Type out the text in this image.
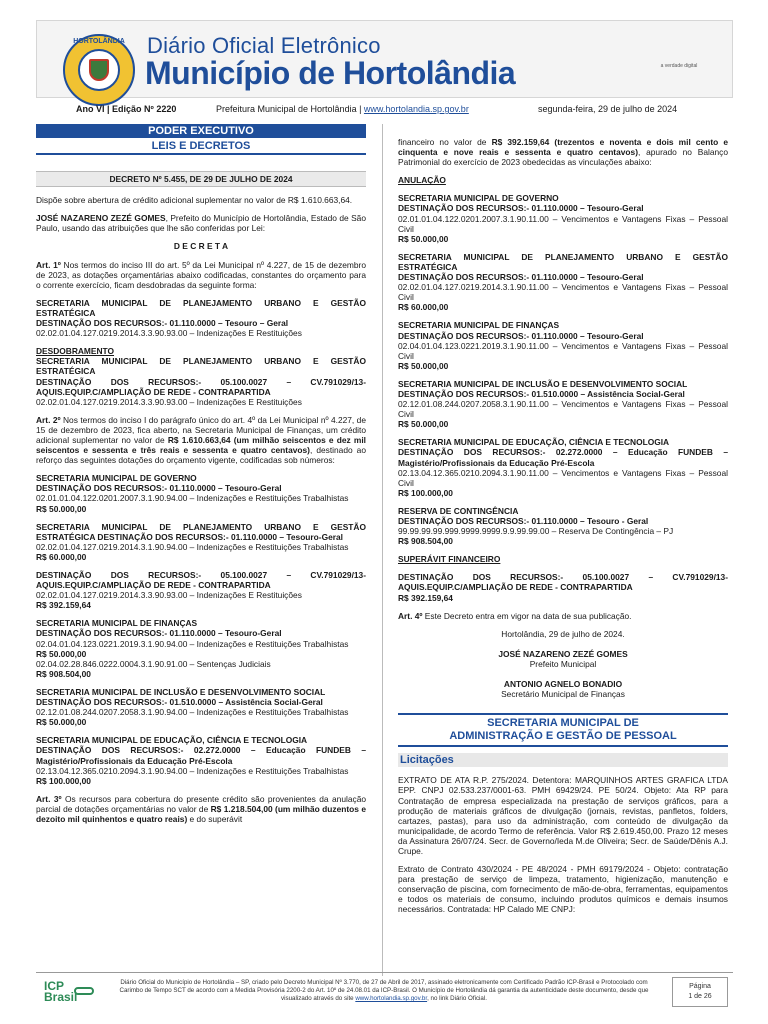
HORTOLÂNDIA	Diário Oficial Eletrônico
Município de Hortolândia	a verdade digital
Ano VI | Edição Nº 2220	Prefeitura Municipal de Hortolândia | www.hortolandia.sp.gov.br	segunda-feira, 29 de julho de 2024
PODER EXECUTIVO
LEIS E DECRETOS
DECRETO Nº 5.455, DE 29 DE JULHO DE 2024

Dispõe sobre abertura de crédito adicional suplementar no valor de R$ 1.610.663,64.

JOSÉ NAZARENO ZEZÉ GOMES, Prefeito do Município de Hortolândia, Estado de São Paulo, usando das atribuições que lhe são conferidas por Lei:

D E C R E T A

Art. 1º Nos termos do inciso III do art. 5º da Lei Municipal nº 4.227, de 15 de dezembro de 2023, as dotações orçamentárias abaixo codificadas, constantes do orçamento para o corrente exercício, ficam desdobradas da seguinte forma:

SECRETARIA MUNICIPAL DE PLANEJAMENTO URBANO E GESTÃO ESTRATÉGICA
DESTINAÇÃO DOS RECURSOS:- 01.110.0000 – Tesouro – Geral
02.02.01.04.127.0219.2014.3.3.90.93.00 – Indenizações E Restituições
DESDOBRAMENTO
SECRETARIA MUNICIPAL DE PLANEJAMENTO URBANO E GESTÃO ESTRATÉGICA
DESTINAÇÃO DOS RECURSOS:- 05.100.0027 – CV.791029/13-AQUIS.EQUIP.C/AMPLIAÇÃO DE REDE - CONTRAPARTIDA
02.02.01.04.127.0219.2014.3.3.90.93.00 – Indenizações E Restituições

Art. 2º Nos termos do inciso I do parágrafo único do art. 4º da Lei Municipal nº 4.227, de 15 de dezembro de 2023, fica aberto, na Secretaria Municipal de Finanças, um crédito adicional suplementar no valor de R$ 1.610.663,64 (um milhão seiscentos e dez mil seiscentos e sessenta e três reais e sessenta e quatro centavos), destinado ao reforço das seguintes dotações do orçamento vigente, codificadas sob números:

SECRETARIA MUNICIPAL DE GOVERNO
DESTINAÇÃO DOS RECURSOS:- 01.110.0000 – Tesouro-Geral
02.01.01.04.122.0201.2007.3.1.90.94.00 – Indenizações e Restituições Trabalhistas
R$ 50.000,00
SECRETARIA MUNICIPAL DE PLANEJAMENTO URBANO E GESTÃO ESTRATÉGICA DESTINAÇÃO DOS RECURSOS:- 01.110.0000 – Tesouro-Geral
02.02.01.04.127.0219.2014.3.1.90.94.00 – Indenizações e Restituições Trabalhistas
R$ 60.000,00
DESTINAÇÃO DOS RECURSOS:- 05.100.0027 – CV.791029/13-AQUIS.EQUIP.C/AMPLIAÇÃO DE REDE - CONTRAPARTIDA
02.02.01.04.127.0219.2014.3.3.90.93.00 – Indenizações E Restituições
R$ 392.159,64
SECRETARIA MUNICIPAL DE FINANÇAS
DESTINAÇÃO DOS RECURSOS:- 01.110.0000 – Tesouro-Geral
02.04.01.04.123.0221.2019.3.1.90.94.00 – Indenizações e Restituições Trabalhistas
R$ 50.000,00
02.04.02.28.846.0222.0004.3.1.90.91.00 – Sentenças Judiciais
R$ 908.504,00
SECRETARIA MUNICIPAL DE INCLUSÃO E DESENVOLVIMENTO SOCIAL
DESTINAÇÃO DOS RECURSOS:- 01.510.0000 – Assistência Social-Geral
02.12.01.08.244.0207.2058.3.1.90.94.00 – Indenizações e Restituições Trabalhistas
R$ 50.000,00
SECRETARIA MUNICIPAL DE EDUCAÇÃO, CIÊNCIA E TECNOLOGIA
DESTINAÇÃO DOS RECURSOS:- 02.272.0000 – Educação FUNDEB – Magistério/Profissionais da Educação Pré-Escola
02.13.04.12.365.0210.2094.3.1.90.94.00 – Indenizações e Restituições Trabalhistas
R$ 100.000,00

Art. 3º Os recursos para cobertura do presente crédito são provenientes da anulação parcial de dotações orçamentárias no valor de R$ 1.218.504,00 (um milhão duzentos e dezoito mil quinhentos e quatro reais) e do superávit

financeiro no valor de R$ 392.159,64 (trezentos e noventa e dois mil cento e cinquenta e nove reais e sessenta e quatro centavos), apurado no Balanço Patrimonial do exercício de 2023 obedecidas as vinculações abaixo:

ANULAÇÃO
SECRETARIA MUNICIPAL DE GOVERNO
DESTINAÇÃO DOS RECURSOS:- 01.110.0000 – Tesouro-Geral
02.01.01.04.122.0201.2007.3.1.90.11.00 – Vencimentos e Vantagens Fixas – Pessoal Civil
R$ 50.000,00
SECRETARIA MUNICIPAL DE PLANEJAMENTO URBANO E GESTÃO ESTRATÉGICA
DESTINAÇÃO DOS RECURSOS:- 01.110.0000 – Tesouro-Geral
02.02.01.04.127.0219.2014.3.1.90.11.00 – Vencimentos e Vantagens Fixas – Pessoal Civil
R$ 60.000,00
SECRETARIA MUNICIPAL DE FINANÇAS
DESTINAÇÃO DOS RECURSOS:- 01.110.0000 – Tesouro-Geral
02.04.01.04.123.0221.2019.3.1.90.11.00 – Vencimentos e Vantagens Fixas – Pessoal Civil
R$ 50.000,00
SECRETARIA MUNICIPAL DE INCLUSÃO E DESENVOLVIMENTO SOCIAL
DESTINAÇÃO DOS RECURSOS:- 01.510.0000 – Assistência Social-Geral
02.12.01.08.244.0207.2058.3.1.90.11.00 – Vencimentos e Vantagens Fixas – Pessoal Civil
R$ 50.000,00
SECRETARIA MUNICIPAL DE EDUCAÇÃO, CIÊNCIA E TECNOLOGIA
DESTINAÇÃO DOS RECURSOS:- 02.272.0000 – Educação FUNDEB – Magistério/Profissionais da Educação Pré-Escola
02.13.04.12.365.0210.2094.3.1.90.11.00 – Vencimentos e Vantagens Fixas – Pessoal Civil
R$ 100.000,00
RESERVA DE CONTINGÊNCIA
DESTINAÇÃO DOS RECURSOS:- 01.110.0000 – Tesouro - Geral
99.99.99.99.999.9999.9999.9.9.99.99.00 – Reserva De Contingência – PJ
R$ 908.504,00
SUPERÁVIT FINANCEIRO
DESTINAÇÃO DOS RECURSOS:- 05.100.0027 – CV.791029/13-AQUIS.EQUIP.C/AMPLIAÇÃO DE REDE - CONTRAPARTIDA
R$ 392.159,64

Art. 4º Este Decreto entra em vigor na data de sua publicação.

Hortolândia, 29 de julho de 2024.

JOSÉ NAZARENO ZEZÉ GOMES
Prefeito Municipal
ANTONIO AGNELO BONADIO
Secretário Municipal de Finanças
SECRETARIA MUNICIPAL DE
ADMINISTRAÇÃO E GESTÃO DE PESSOAL
Licitações

EXTRATO DE ATA R.P. 275/2024. Detentora: MARQUINHOS ARTES GRAFICA LTDA EPP. CNPJ 02.533.237/0001-63. PMH 69429/24. PE 50/24. Objeto: Ata RP para Contratação de empresa especializada na prestação de serviços gráficos, para a produção de materiais gráficos de divulgação (jornais, revistas, panfletos, folders, cartazes, pastas), para uso da administração, com conteúdo de divulgação da municipalidade, de acordo Termo de referência. Valor R$ 2.619.450,00. Prazo 12 meses da Assinatura 26/07/24. Secr. de Governo/Ieda M.de Oliveira; Secr. de Saúde/Dênis A.J. Crupe.

Extrato de Contrato 430/2024 - PE 48/2024 - PMH 69179/2024 - Objeto: contratação para prestação de serviço de limpeza, tratamento, higienização, manutenção e conservação de piscina, com fornecimento de mão-de-obra, ferramentas, equipamentos e todos os materiais de consumo, incluindo produtos químicos e demais insumos necessários. Contratada: HP Calado ME CNPJ:

ICP Brasil
Diário Oficial do Município de Hortolândia – SP, criado pelo Decreto Municipal Nº 3.770, de 27 de Abril de 2017, assinado eletronicamente com Certificado Padrão ICP-Brasil e Protocolado com Carimbo de Tempo SCT de acordo com a Medida Provisória 2200-2 do Art. 10º de 24.08.01 da ICP-Brasil. O Município de Hortolândia dá garantia da autenticidade deste documento, desde que visualizado através do site www.hortolandia.sp.gov.br, no link Diário Oficial.
Página
1 de 26
